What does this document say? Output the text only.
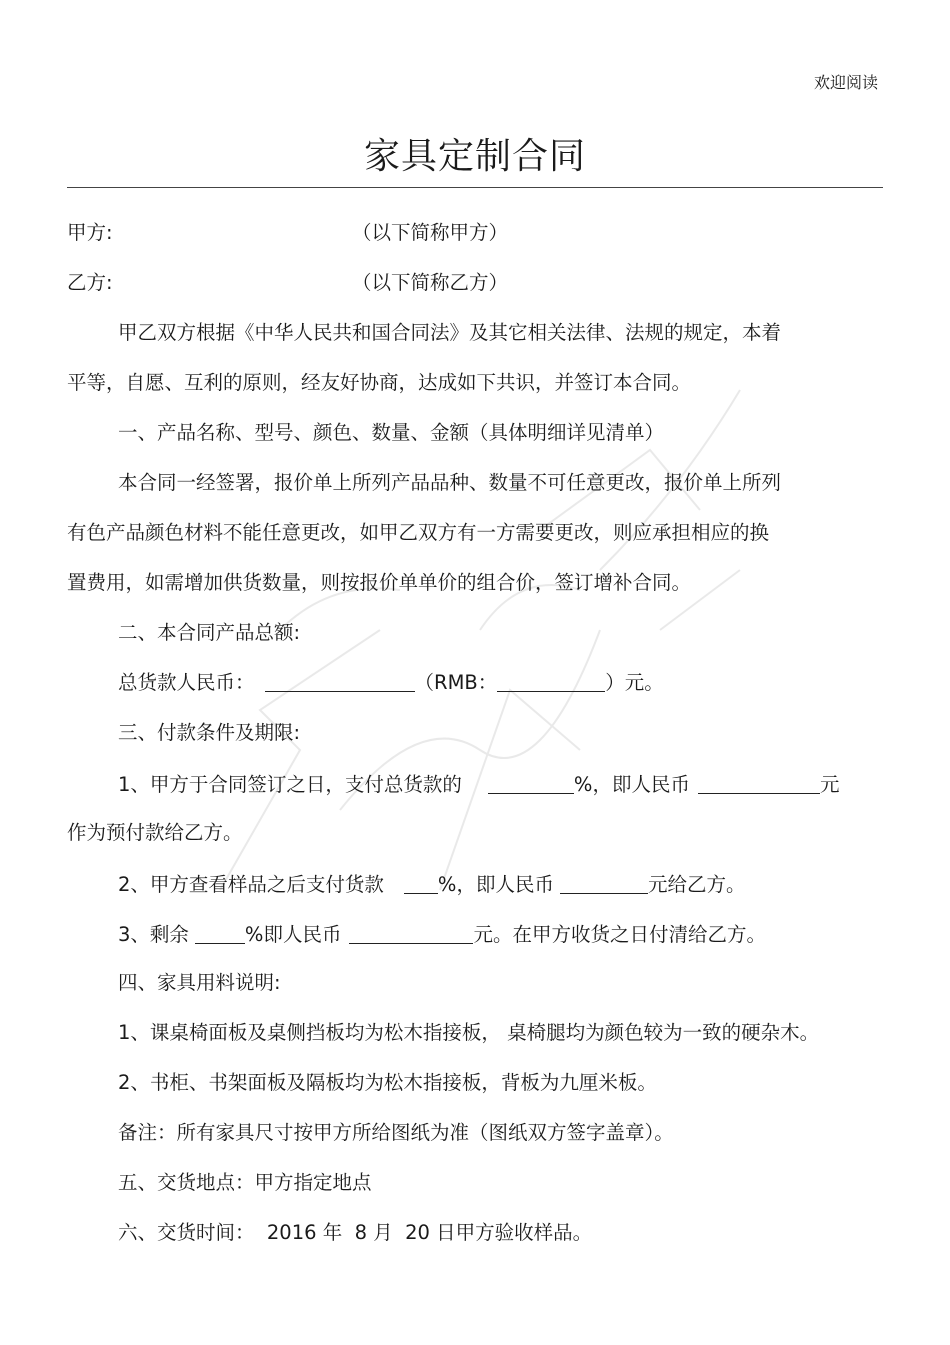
欢迎阅读
家具定制合同
甲方:	（以下简称甲方）
乙方:	（以下简称乙方）
甲乙双方根据《中华人民共和国合同法》及其它相关法律、法规的规定，本着
平等，自愿、互利的原则，经友好协商，达成如下共识，并签订本合同。
一、产品名称、型号、颜色、数量、金额（具体明细详见清单）
本合同一经签署，报价单上所列产品品种、数量不可任意更改，报价单上所列
有色产品颜色材料不能任意更改，如甲乙双方有一方需要更改，则应承担相应的换
置费用，如需增加供货数量，则按报价单单价的组合价，签订增补合同。
二、本合同产品总额:
总货款人民币：	（RMB：	）元。
三、付款条件及期限:
1、甲方于合同签订之日，支付总货款的	%，即人民币	元
作为预付款给乙方。
2、甲方查看样品之后支付货款	%，即人民币	元给乙方。
3、剩余	%即人民币	元。在甲方收货之日付清给乙方。
四、家具用料说明:
1、课桌椅面板及桌侧挡板均为松木指接板， 桌椅腿均为颜色较为一致的硬杂木。
2、书柜、书架面板及隔板均为松木指接板，背板为九厘米板。
备注：所有家具尺寸按甲方所给图纸为准（图纸双方签字盖章）。
五、交货地点：甲方指定地点
六、交货时间：  2016 年  8 月  20 日甲方验收样品。
